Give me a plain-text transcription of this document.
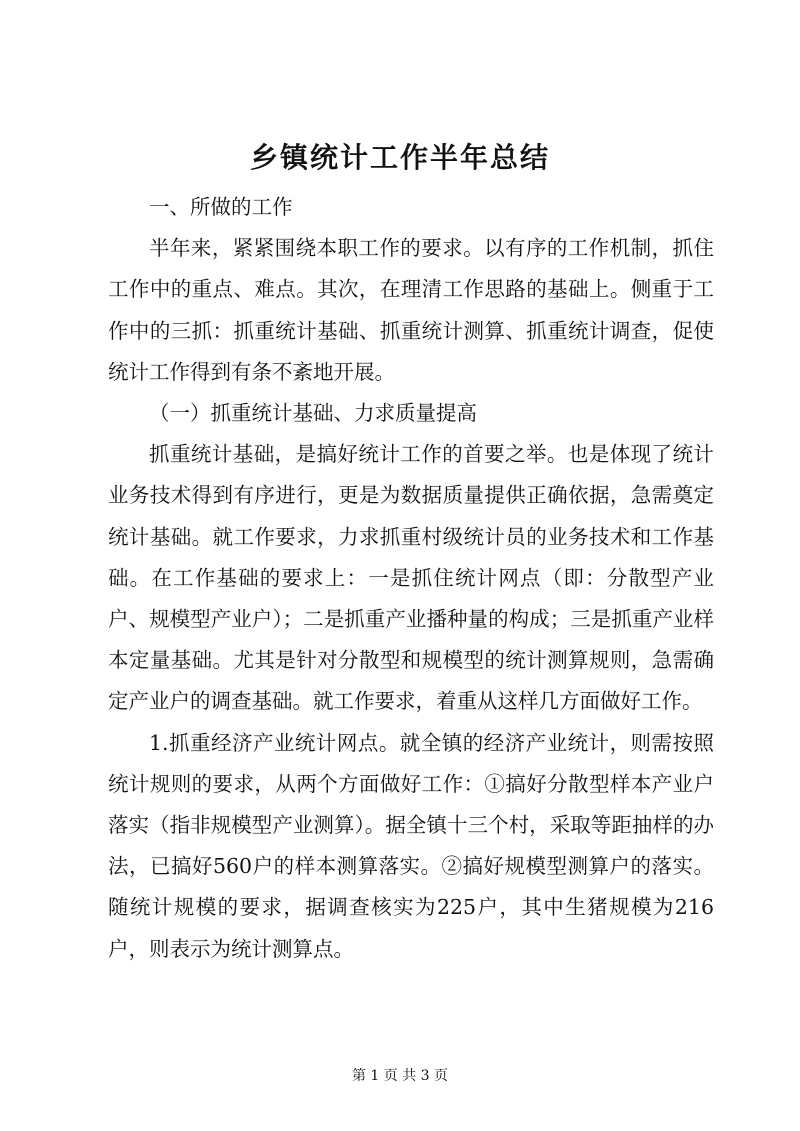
乡镇统计工作半年总结

一、所做的工作

半年来，紧紧围绕本职工作的要求。以有序的工作机制，抓住工作中的重点、难点。其次，在理清工作思路的基础上。侧重于工作中的三抓：抓重统计基础、抓重统计测算、抓重统计调查，促使统计工作得到有条不紊地开展。

（一）抓重统计基础、力求质量提高

抓重统计基础，是搞好统计工作的首要之举。也是体现了统计业务技术得到有序进行，更是为数据质量提供正确依据，急需奠定统计基础。就工作要求，力求抓重村级统计员的业务技术和工作基础。在工作基础的要求上：一是抓住统计网点（即：分散型产业户、规模型产业户）；二是抓重产业播种量的构成；三是抓重产业样本定量基础。尤其是针对分散型和规模型的统计测算规则，急需确定产业户的调查基础。就工作要求，着重从这样几方面做好工作。

1.抓重经济产业统计网点。就全镇的经济产业统计，则需按照统计规则的要求，从两个方面做好工作：①搞好分散型样本产业户落实（指非规模型产业测算）。据全镇十三个村，采取等距抽样的办法，已搞好560户的样本测算落实。②搞好规模型测算户的落实。随统计规模的要求，据调查核实为225户，其中生猪规模为216户，则表示为统计测算点。

第 1 页 共 3 页
